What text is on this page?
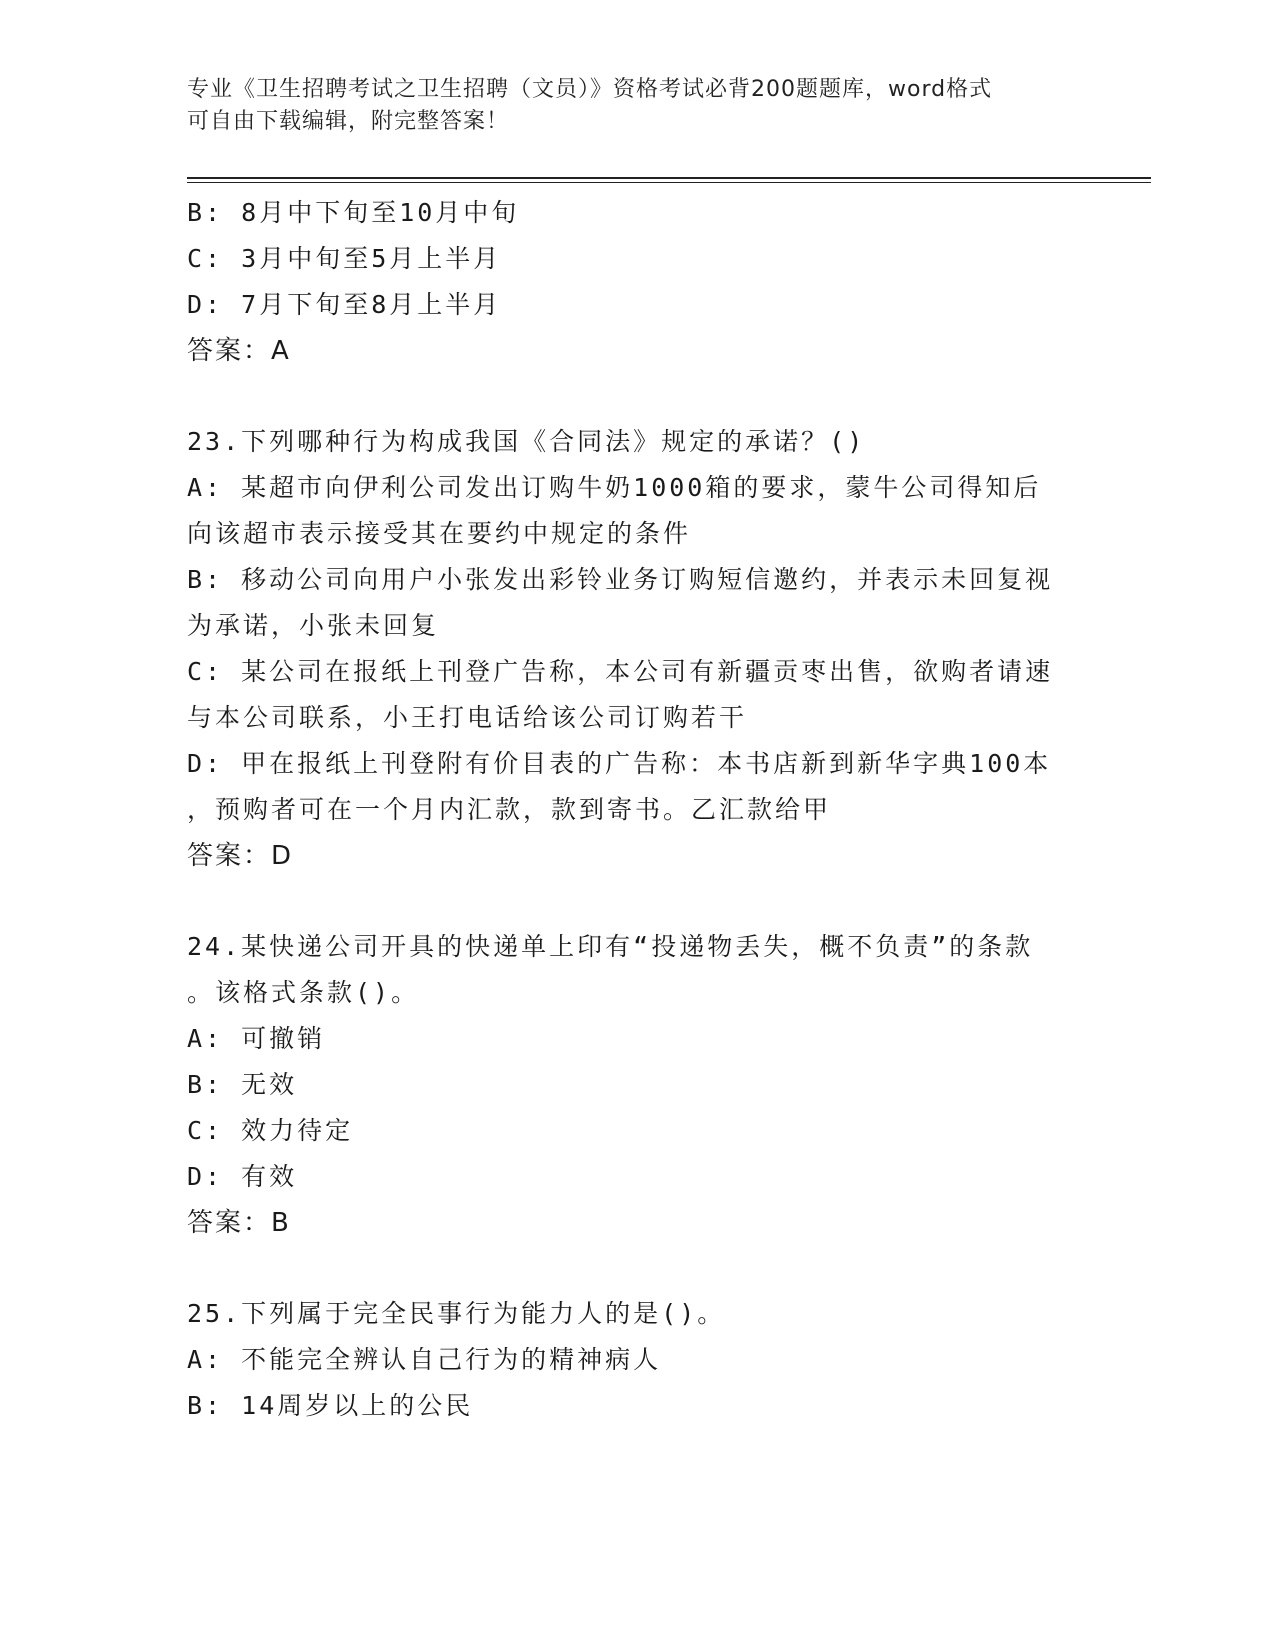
专业《卫生招聘考试之卫生招聘（文员）》资格考试必背200题题库，word格式
可自由下载编辑，附完整答案！
B: 8月中下旬至10月中旬
C: 3月中旬至5月上半月
D: 7月下旬至8月上半月
答案：A
23.下列哪种行为构成我国《合同法》规定的承诺？()
A: 某超市向伊利公司发出订购牛奶1000箱的要求，蒙牛公司得知后
向该超市表示接受其在要约中规定的条件
B: 移动公司向用户小张发出彩铃业务订购短信邀约，并表示未回复视
为承诺，小张未回复
C: 某公司在报纸上刊登广告称，本公司有新疆贡枣出售，欲购者请速
与本公司联系，小王打电话给该公司订购若干
D: 甲在报纸上刊登附有价目表的广告称：本书店新到新华字典100本
，预购者可在一个月内汇款，款到寄书。乙汇款给甲
答案：D
24.某快递公司开具的快递单上印有“投递物丢失，概不负责”的条款
。该格式条款()。
A: 可撤销
B: 无效
C: 效力待定
D: 有效
答案：B
25.下列属于完全民事行为能力人的是()。
A: 不能完全辨认自己行为的精神病人
B: 14周岁以上的公民
